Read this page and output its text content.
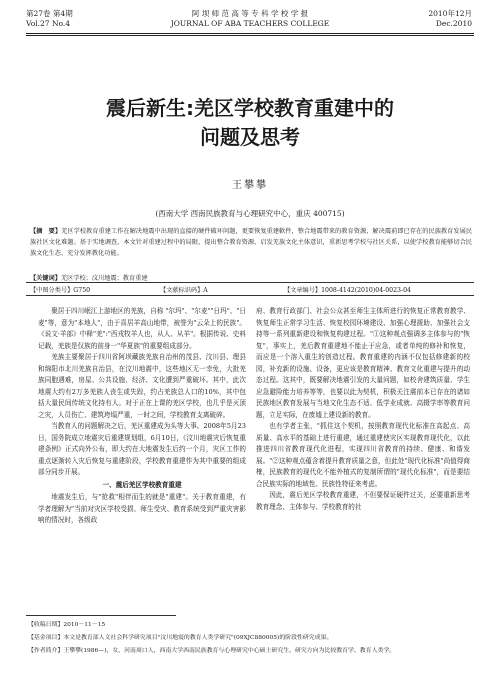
第27卷 第4期
Vol.27 No.4
阿 坝 师 范 高 等 专 科 学 校 学 报
JOURNAL OF ABA TEACHERS COLLEGE
2010年12月
Dec.2010
震后新生:羌区学校教育重建中的
问题及思考
王攀攀
(西南大学 西南民族教育与心理研究中心，重庆 400715)
【摘　要】羌区学校教育重建工作在解决地震中出现的直接的硬件破坏问题，更要恢复重建軟件，整合地震带来的教育资源，解决震前即已存在的民族教育发展民族社区文化难题。基于实地调查，本文针对重建过程中的局限，提出整合教育资源，启发羌族文化主体意识，重新思考学校与社区关系，以使学校教育能够切合民族文化生态、充分发挥教化功能。
【关键词】羌区学校；汶川地震；教育重建
【中图分类号】G750	【文献标识码】A	【文章编号】1008-4142(2010)04-0023-04

聚居于四川岷江上游地区的羌族，自称 "尔玛"、"尔麦""日玛"、"日麦"等，意为"本地人"，由于喜居羊高山地带，被誉为"云朵上的民族"。《说文·羊部》中释"羌":"西戎牧羊人也，从人、从羊"。根据传说、史料记载，羌族是仅族的前身一"华夏族"的重要组成部分。

羌族主要聚居于四川省阿坝藏族羌族自治州的茂县、汶川县、理县和绵阳市北川羌族自治县，在汶川地震中，这些地区无一幸免，大批羌族同胞遇难，房屋、公共设施、经济、文化遭到严重破坏。其中，此次地震大约有2万多羌族人丧生或失踪，约占羌族总人口的10%，其中包括大量民间传统文化持有人。对于正在上课的羌区学校，也几乎是灭顶之灾，人员伤亡、建筑垮塌严重，一时之间，学校教育支离破碎。

当教育人的问题解决之后，羌区重建成为头等大事。2008年5月23日，国务院成立地震灾后重建规划组，6月10日，《汶川地震灾后恢复重建条例》正式向外公布，即大约在大地震发生后约一个月，灾区工作的重点逐渐转入灾后恢复与重建阶段，学校教育重建作为其中重要的组成部分同步开展。

一、震后羌区学校教育重建

地震发生后，与"抢救"相伴而生的就是"重建"。关于教育重建，有学者理解为"当前对灾区学校受损、师生受灾、教育系统受到严重灾害影响的情况时，各级政

府、教育行政部门、社会公众甚至师生主体所进行的恢复正常教育教学、恢复师生正常学习生活、恢复校园环境建设、加强心理援助、加强社会支持等一系列重新建设和恢复构建过程。"①这种观点强调多主体参与的"恢复"，事实上，羌后教育重建地不能止于应急，或者单纯的修补和恢复，而应是一个溶入重生的创造过程。教育重建的内涵不仅包括修建新的校园，补充新的设施、设备，更应该是教育精神、教育文化重建与提升的动态过程。这其中，既要解决地震引发的大量问题，如校舍建筑质量、学生应急避险能力培养等等，也要以此为契机，积极关注震前本已存在的诸如民族地区教育发展与当地文化生态不适、低学业成就、高辍学率等教育问题，立足实际，在废墟上建设新的教育。

也有学者主张，"抓住这个契机，按照教育现代化标准在高起点、高质量、高水平的基础上进行重建，通过重建使灾区实现教育现代化，以此推进四川省教育现代化进程，实现四川省教育的持续、健康、和谐发展。"②这种观点蕴含着提升教育质量之意，但此处"现代化标准"尚值得商榷，民族教育的现代化不能外植式的复制所谓的"现代化标准"，而是要结合民族实际的地域性、民族性特征来考虑。

因此，震后羌区学校教育重建，不但要保证硬件过关，还要重新思考教育理念、主体参与、学校教育的社

【收稿日期】2010－11－15
【基金项目】本文是教育部人文社会科学研究项目"汶川地震的教育人类学研究"(09XJC880005)的阶段性研究成果。
【作者简介】王攀攀(1986—)，女，河南周口人，西南大学西南民族教育与心理研究中心硕士研究生，研究方向为比较教育学、教育人类学。
